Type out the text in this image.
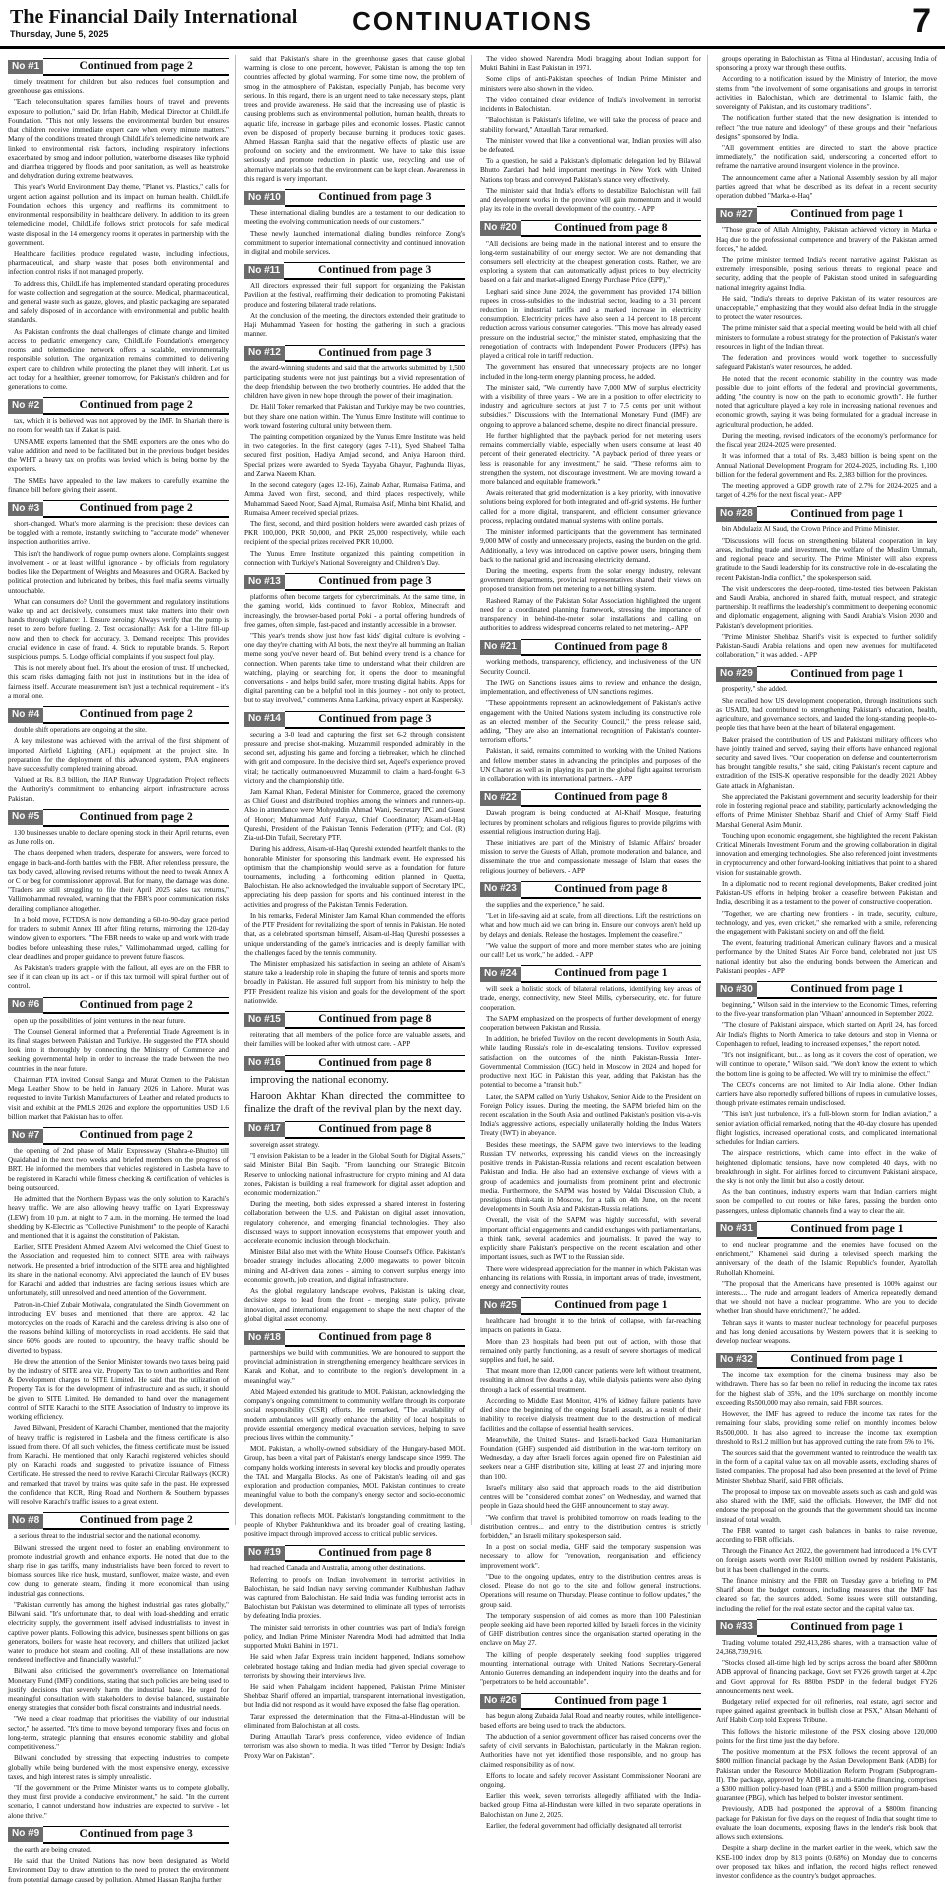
The Financial Daily International
Thursday, June 5, 2025	CONTINUATIONS	7
No #1	Continued from page 2

timely treatment for children but also reduces fuel consumption and greenhouse gas emissions.

"Each teleconsultation spares families hours of travel and prevents exposure to pollution," said Dr. Irfan Habib, Medical Director at ChildLife Foundation. "This not only lessens the environmental burden but ensures that children receive immediate expert care when every minute matters." Many of the conditions treated through ChildLife's telemedicine network are linked to environmental risk factors, including respiratory infections exacerbated by smog and indoor pollution, waterborne diseases like typhoid and diarrhea triggered by floods and poor sanitation, as well as heatstroke and dehydration during extreme heatwaves.

This year's World Environment Day theme, "Planet vs. Plastics," calls for urgent action against pollution and its impact on human health. ChildLife Foundation echoes this urgency and reaffirms its commitment to environmental responsibility in healthcare delivery. In addition to its green telemedicine model, ChildLife follows strict protocols for safe medical waste disposal in the 14 emergency rooms it operates in partnership with the government.

Healthcare facilities produce regulated waste, including infectious, pharmaceutical, and sharp waste that poses both environmental and infection control risks if not managed properly.

To address this, ChildLife has implemented standard operating procedures for waste collection and segregation at the source. Medical, pharmaceutical, and general waste such as gauze, gloves, and plastic packaging are separated and safely disposed of in accordance with environmental and public health standards.

As Pakistan confronts the dual challenges of climate change and limited access to pediatric emergency care, ChildLife Foundation's emergency rooms and telemedicine network offers a scalable, environmentally responsible solution. The organization remains committed to delivering expert care to children while protecting the planet they will inherit. Let us act today for a healthier, greener tomorrow, for Pakistan's children and for generations to come.

No #2	Continued from page 2

tax, which it is believed was not approved by the IMF. In Shariah there is no room for wealth tax if Zakat is paid.

UNSAME experts lamented that the SME exporters are the ones who do value addition and need to be facilitated but in the previous budget besides the WHT a heavy tax on profits was levied which is being borne by the exporters.

The SMEs have appealed to the law makers to carefully examine the finance bill before giving their assent.

No #3	Continued from page 2

short-changed. What's more alarming is the precision: these devices can be toggled with a remote, instantly switching to "accurate mode" whenever inspection authorities arrive.

This isn't the handiwork of rogue pump owners alone. Complaints suggest involvement - or at least willful ignorance - by officials from regulatory bodies like the Department of Weights and Measures and OGRA. Backed by political protection and lubricated by bribes, this fuel mafia seems virtually untouchable.

What can consumers do? Until the government and regulatory institutions wake up and act decisively, consumers must take matters into their own hands through vigilance: 1. Ensure zeroing: Always verify that the pump is reset to zero before fueling. 2. Test occasionally: Ask for a 1-litre fill-up now and then to check for accuracy. 3. Demand receipts: This provides crucial evidence in case of fraud. 4. Stick to reputable brands. 5. Report suspicious pumps. 5. Lodge official complaints if you suspect foul play.

This is not merely about fuel. It's about the erosion of trust. If unchecked, this scam risks damaging faith not just in institutions but in the idea of fairness itself. Accurate measurement isn't just a technical requirement - it's a moral one.

No #4	Continued from page 2

double shift operations are ongoing at the site.

A key milestone was achieved with the arrival of the first shipment of imported Airfield Lighting (AFL) equipment at the project site. In preparation for the deployment of this advanced system, PAA engineers have successfully completed training abroad.

Valued at Rs. 8.3 billion, the JIAP Runway Upgradation Project reflects the Authority's commitment to enhancing airport infrastructure across Pakistan.

No #5	Continued from page 2

130 businesses unable to declare opening stock in their April returns, even as June rolls on.

The chaos deepened when traders, desperate for answers, were forced to engage in back-and-forth battles with the FBR. After relentless pressure, the tax body caved, allowing revised returns without the need to tweak Annex A or C or beg for commissioner approval. But for many, the damage was done. "Traders are still struggling to file their April 2025 sales tax returns," Vallimohammad revealed, warning that the FBR's poor communication risks derailing compliance altogether.

In a bold move, FCTDSA is now demanding a 60-to-90-day grace period for traders to submit Annex III after filing returns, mirroring the 120-day window given to exporters. "The FBR needs to wake up and work with trade bodies before unleashing these rules," Vallimohammad urged, calling for clear deadlines and proper guidance to prevent future fiascos.

As Pakistan's traders grapple with the fallout, all eyes are on the FBR to see if it can clean up its act - or if this tax turmoil will spiral further out of control.

No #6	Continued from page 2

open up the possibilities of joint ventures in the near future.

The Counsel General informed that a Preferential Trade Agreement is in its final stages between Pakistan and Turkiye. He suggested the PTA should look into it thoroughly by connecting the Ministry of Commerce and seeking governmental help in order to increase the trade between the two countries in the near future.

Chairman PTA invited Consul Sanga and Murat Ozmen to the Pakistan Mega Leather Show to be held in January 2026 in Lahore. Murat was requested to invite Turkish Manufacturers of Leather and related products to visit and exhibit at the PMLS 2026 and explore the opportunities USD 1.6 billion market that Pakistan has to offer.

No #7	Continued from page 2

the opening of 2nd phase of Malir Expressway (Shahra-e-Bhutto) till Quaidabad in the next two weeks and briefed members on the progress of BRT. He informed the members that vehicles registered in Lasbela have to be registered in Karachi while fitness checking & certification of vehicles is being outsourced.

He admitted that the Northern Bypass was the only solution to Karachi's heavy traffic. We are also allowing heavy traffic on Lyari Expressway (LEW) from 10 p.m. at night to 7 a.m. in the morning. He termed the load shedding by K-Electric as "Collective Punishment" to the people of Karachi and mentioned that it is against the constitution of Pakistan.

Earlier, SITE President Ahmed Azeem Alvi welcomed the Chief Guest to the Association and requested him to connect SITE area with railways network. He presented a brief introduction of the SITE area and highlighted its share in the national economy. Alvi appreciated the launch of EV buses for Karachi and added that industries are facing serious issues which are unfortunately, still unresolved and need attention of the Government.

Patron-in-Chief Zubair Motiwala, congratulated the Sindh Government on introducing EV buses and mentioned that there are approx. 42 lac motorcycles on the roads of Karachi and the careless driving is also one of the reasons behind killing of motorcyclists in road accidents. He said that since 60% goods are routed to upcountry, the heavy traffic should be diverted to bypass.

He drew the attention of the Senior Minister towards two taxes being paid by the industry of SITE area viz. Property Tax to town authorities and Rent & Development charges to SITE Limited. He said that the utilization of Property Tax is for the development of infrastructure and as such, it should be given to SITE Limited. He demanded to hand over the management control of SITE Karachi to the SITE Association of Industry to improve its working efficiency.

Javed Bilwani, President of Karachi Chamber, mentioned that the majority of heavy traffic is registered in Lasbela and the fitness certificate is also issued from there. Of all such vehicles, the fitness certificate must be issued from Karachi. He mentioned that only Karachi registered vehicles should ply on Karachi roads and suggested to privatize issuance of Fitness Certificate. He stressed the need to revive Karachi Circular Railways (KCR) and remarked that travel by trains was quite safe in the past. He expressed the confidence that KCR, Ring Road and Northern & Southern bypasses will resolve Karachi's traffic issues to a great extent.

No #8	Continued from page 2

a serious threat to the industrial sector and the national economy.

Bilwani stressed the urgent need to foster an enabling environment to promote industrial growth and enhance exports. He noted that due to the sharp rise in gas tariffs, many industrialists have been forced to revert to biomass sources like rice husk, mustard, sunflower, maize waste, and even cow dung to generate steam, finding it more economical than using industrial gas connections.

"Pakistan currently has among the highest industrial gas rates globally," Bilwani said. "It's unfortunate that, to deal with load-shedding and erratic electricity supply, the government itself advised industrialists to invest in captive power plants. Following this advice, businesses spent billions on gas generators, boilers for waste heat recovery, and chillers that utilized jacket water to produce hot steam and cooling. All of these installations are now rendered ineffective and financially wasteful."

Bilwani also criticised the government's overreliance on International Monetary Fund (IMF) conditions, stating that such policies are being used to justify decisions that severely harm the industrial base. He urged for meaningful consultation with stakeholders to devise balanced, sustainable energy strategies that consider both fiscal constraints and industrial needs.

"We need a clear roadmap that prioritises the viability of our industrial sector," he asserted. "It's time to move beyond temporary fixes and focus on long-term, strategic planning that ensures economic stability and global competitiveness."

Bilwani concluded by stressing that expecting industries to compete globally while being burdened with the most expensive energy, excessive taxes, and high interest rates is simply unrealistic.

"If the government or the Prime Minister wants us to compete globally, they must first provide a conducive environment," he said. "In the current scenario, I cannot understand how industries are expected to survive - let alone thrive."

No #9	Continued from page 3

the earth are being created.

He said that the United Nations has now been designated as World Environment Day to draw attention to the need to protect the environment from potential damage caused by pollution. Ahmed Hassan Ranjha further

said that Pakistan's share in the greenhouse gases that cause global warming is close to one percent, however, Pakistan is among the top ten countries affected by global warming. For some time now, the problem of smog in the atmosphere of Pakistan, especially Punjab, has become very serious. In this regard, there is an urgent need to take necessary steps, plant trees and provide awareness. He said that the increasing use of plastic is causing problems such as environmental pollution, human health, threats to aquatic life, increase in garbage piles and economic losses. Plastic cannot even be disposed of properly because burning it produces toxic gases. Ahmed Hassan Ranjha said that the negative effects of plastic use are profound on society and the environment. We have to take this issue seriously and promote reduction in plastic use, recycling and use of alternative materials so that the environment can be kept clean. Awareness in this regard is very important.

No #10	Continued from page 3

These international dialing bundles are a testament to our dedication to meeting the evolving communication needs of our customers."

These newly launched international dialing bundles reinforce Zong's commitment to superior international connectivity and continued innovation in digital and mobile services.

No #11	Continued from page 3

All directors expressed their full support for organizing the Pakistan Pavilion at the festival, reaffirming their dedication to promoting Pakistani produce and fostering bilateral trade relations.

At the conclusion of the meeting, the directors extended their gratitude to Haji Muhammad Yaseen for hosting the gathering in such a gracious manner.

No #12	Continued from page 3

the award-winning students and said that the artworks submitted by 1,500 participating students were not just paintings but a vivid representation of the deep friendship between the two brotherly countries. He added that the children have given in new hope through the power of their imagination.

Dr. Halil Toker remarked that Pakistan and Turkiye may be two countries, but they share one nation within. The Yunus Emre Institute will continue to work toward fostering cultural unity between them.

The painting competition organized by the Yunus Emre Institute was held in two categories. In the first category (ages 7-11), Syed Shaheel Talha secured first position, Hadiya Amjad second, and Aniya Haroon third. Special prizes were awarded to Syeda Tayyaba Ghayur, Paghunda Iliyas, and Zarwa Naeem Khan.

In the second category (ages 12-16), Zainab Azhar, Rumaisa Fatima, and Amma Javed won first, second, and third places respectively, while Muhammad Saeed Noor, Saad Ajmal, Rumaisa Asif, Minha bint Khalid, and Rumaisa Ameer received special prizes.

The first, second, and third position holders were awarded cash prizes of PKR 100,000, PKR 50,000, and PKR 25,000 respectively, while each recipient of the special prizes received PKR 10,000.

The Yunus Emre Institute organized this painting competition in connection with Turkiye's National Sovereignty and Children's Day.

No #13	Continued from page 3

platforms often become targets for cybercriminals. At the same time, in the gaming world, kids continued to favor Roblox, Minecraft and increasingly, the browser-based portal Poki - a portal offering hundreds of free games, often simple, fast-paced and instantly accessible in a browser.

"This year's trends show just how fast kids' digital culture is evolving - one day they're chatting with AI bots, the next they're all humming an Italian meme song you've never heard of. But behind every trend is a chance for connection. When parents take time to understand what their children are watching, playing or searching for, it opens the door to meaningful conversations - and helps build safer, more trusting digital habits. Apps for digital parenting can be a helpful tool in this journey - not only to protect, but to stay involved," comments Anna Larkina, privacy expert at Kaspersky.

No #14	Continued from page 3

securing a 3-0 lead and capturing the first set 6-2 through consistent pressure and precise shot-making. Muzammil responded admirably in the second set, adjusting his game and forcing a tiebreaker, which he clinched with grit and composure. In the decisive third set, Aqeel's experience proved vital; he tactically outmanoeuvred Muzammil to claim a hard-fought 6-3 victory and the championship title.

Jam Kamal Khan, Federal Minister for Commerce, graced the ceremony as Chief Guest and distributed trophies among the winners and runners-up. Also in attendance were Mohyuddin Ahmad Wani, Secretary IPC and Guest of Honor; Muhammad Arif Faryaz, Chief Coordinator; Aisam-ul-Haq Qureshi, President of the Pakistan Tennis Federation (PTF); and Col. (R) Zia-ud-Din Tufail, Secretary PTF.

During his address, Aisam-ul-Haq Qureshi extended heartfelt thanks to the honorable Minister for sponsoring this landmark event. He expressed his optimism that the championship would serve as a foundation for future tournaments, including a forthcoming edition planned in Quetta, Balochistan. He also acknowledged the invaluable support of Secretary IPC, appreciating his deep passion for sports and his continued interest in the activities and progress of the Pakistan Tennis Federation.

In his remarks, Federal Minister Jam Kamal Khan commended the efforts of the PTF President for revitalizing the sport of tennis in Pakistan. He noted that, as a celebrated sportsman himself, Aisam-ul-Haq Qureshi possesses a unique understanding of the game's intricacies and is deeply familiar with the challenges faced by the tennis community.

The Minister emphasized his satisfaction in seeing an athlete of Aisam's stature take a leadership role in shaping the future of tennis and sports more broadly in Pakistan. He assured full support from his ministry to help the PTF President realize his vision and goals for the development of the sport nationwide.

No #15	Continued from page 8

reiterating that all members of the police force are valuable assets, and their families will be looked after with utmost care. - APP

No #16	Continued from page 8

improving the national economy.

Haroon Akhtar Khan directed the committee to finalize the draft of the revival plan by the next day.

No #17	Continued from page 8

sovereign asset strategy.

"I envision Pakistan to be a leader in the Global South for Digital Assets," said Minister Bilal Bin Saqib. "From launching our Strategic Bitcoin Reserve to unlocking national infrastructure for crypto mining and AI data zones, Pakistan is building a real framework for digital asset adoption and economic modernization."

During the meeting, both sides expressed a shared interest in fostering collaboration between the U.S. and Pakistan on digital asset innovation, regulatory coherence, and emerging financial technologies. They also discussed ways to support innovation ecosystems that empower youth and accelerate economic inclusion through blockchain.

Minister Bilal also met with the White House Counsel's Office. Pakistan's broader strategy includes allocating 2,000 megawatts to power bitcoin mining and AI-driven data zones - aiming to convert surplus energy into economic growth, job creation, and digital infrastructure.

As the global regulatory landscape evolves, Pakistan is taking clear, decisive steps to lead from the front - merging state policy, private innovation, and international engagement to shape the next chapter of the global digital asset economy.

No #18	Continued from page 8

partnerships we build with communities. We are honoured to support the provincial administration in strengthening emergency healthcare services in Karak and Kohat, and to contribute to the region's development in a meaningful way."

Abid Majeed extended his gratitude to MOL Pakistan, acknowledging the company's ongoing commitment to community welfare through its corporate social responsibility (CSR) efforts. He remarked, "The availability of modern ambulances will greatly enhance the ability of local hospitals to provide essential emergency medical evacuation services, helping to save precious lives within the community."

MOL Pakistan, a wholly-owned subsidiary of the Hungary-based MOL Group, has been a vital part of Pakistan's energy landscape since 1999. The company holds working interests in several key blocks and proudly operates the TAL and Margalla Blocks. As one of Pakistan's leading oil and gas exploration and production companies, MOL Pakistan continues to create meaningful value to both the company's energy sector and socio-economic development.

This donation reflects MOL Pakistan's longstanding commitment to the people of Khyber Pakhtunkhwa and its broader goal of creating lasting, positive impact through improved access to critical public services.

No #19	Continued from page 8

had reached Canada and Australia, among other destinations.

Referring to proofs on Indian involvement in terrorist activities in Balochistan, he said Indian navy serving commander Kulbhushan Jadhav was captured from Balochistan. He said India was funding terrorist acts in Balochistan but Pakistan was determined to eliminate all types of terrorists by defeating India proxies.

The minister said terrorists in other countries was part of India's foreign policy, and Indian Prime Minister Narendra Modi had admitted that India supported Mukti Bahini in 1971.

He said when Jafar Express train incident happened, Indians somehow celebrated hostage taking and Indian media had given special coverage to terrorists by showing their interviews live.

He said when Pahalgam incident happened, Pakistan Prime Minister Shehbaz Sharif offered an impartial, transparent international investigation, but India did not respond as it would have exposed the false flag operation.

Tarar expressed the determination that the Fitna-al-Hindustan will be eliminated from Balochistan at all costs.

During Attaullah Tarar's press conference, video evidence of Indian terrorism was also shown to media. It was titled "Terror by Design: India's Proxy War on Pakistan".

The video showed Narendra Modi bragging about Indian support for Mukti Bahini in East Pakistan in 1971.

Some clips of anti-Pakistan speeches of Indian Prime Minister and ministers were also shown in the video.

The video contained clear evidence of India's involvement in terrorist incidents in Balochistan.

"Balochistan is Pakistan's lifeline, we will take the process of peace and stability forward," Attaullah Tarar remarked.

The minister vowed that like a conventional war, Indian proxies will also be defeated.

To a question, he said a Pakistan's diplomatic delegation led by Bilawal Bhutto Zardari had held important meetings in New York with United Nations top brass and conveyed Pakistan's stance very effectively.

The minister said that India's efforts to destabilize Balochistan will fail and development works in the province will gain momentum and it would play its role in the overall development of the country. - APP

No #20	Continued from page 8

"All decisions are being made in the national interest and to ensure the long-term sustainability of our energy sector. We are not demanding that consumers sell electricity at the cheapest generation costs. Rather, we are exploring a system that can automatically adjust prices to buy electricity based on a fair and market-aligned Energy Purchase Price (EPP),"

Leghari said since June 2024, the government has provided 174 billion rupees in cross-subsidies to the industrial sector, leading to a 31 percent reduction in industrial tariffs and a marked increase in electricity consumption. Electricity prices have also seen a 14 percent to 18 percent reduction across various consumer categories. "This move has already eased pressure on the industrial sector," the minister stated, emphasizing that the renegotiation of contracts with Independent Power Producers (IPPs) has played a critical role in tariff reduction.

The government has ensured that unnecessary projects are no longer included in the long-term energy planning process, he added.

The minister said, "We currently have 7,000 MW of surplus electricity with a visibility of three years - We are in a position to offer electricity to industry and agriculture sectors at just 7 to 7.5 cents per unit without subsidies." Discussions with the International Monetary Fund (IMF) are ongoing to approve a balanced scheme, despite no direct financial pressure.

He further highlighted that the payback period for net metering users remains commercially viable, especially when users consume at least 40 percent of their generated electricity. "A payback period of three years or less is reasonable for any investment," he said. "These reforms aim to strengthen the system, not discourage investment. We are moving toward a more balanced and equitable framework."

Awais reiterated that grid modernization is a key priority, with innovative solutions being explored for both integrated and off-grid systems. He further called for a more digital, transparent, and efficient consumer grievance process, replacing outdated manual systems with online portals.

The minister informed participants that the government has terminated 9,000 MW of costly and unnecessary projects, easing the burden on the grid. Additionally, a levy was introduced on captive power users, bringing them back to the national grid and increasing electricity demand.

During the meeting, experts from the solar energy industry, relevant government departments, provincial representatives shared their views on proposed transition from net metering to a net billing system.

Rasheed Ramay of the Pakistan Solar Association highlighted the urgent need for a coordinated planning framework, stressing the importance of transparency in behind-the-meter solar installations and calling on authorities to address widespread concerns related to net metering.- APP

No #21	Continued from page 8

working methods, transparency, efficiency, and inclusiveness of the UN Security Council.

The IWG on Sanctions issues aims to review and enhance the design, implementation, and effectiveness of UN sanctions regimes.

"These appointments represent an acknowledgement of Pakistan's active engagement with the United Nations system including its constructive role as an elected member of the Security Council," the press release said, adding, "They are also an international recognition of Pakistan's counter-terrorism efforts."

Pakistan, it said, remains committed to working with the United Nations and fellow member states in advancing the principles and purposes of the UN Charter as well as in playing its part in the global fight against terrorism in collaboration with its international partners. - APP

No #22	Continued from page 8

Dawah program is being conducted at Al-Khaif Mosque, featuring lectures by prominent scholars and religious figures to provide pilgrims with essential religious instruction during Hajj.

These initiatives are part of the Ministry of Islamic Affairs' broader mission to serve the Guests of Allah, promote moderation and balance, and disseminate the true and compassionate message of Islam that eases the religious journey of believers. - APP

No #23	Continued from page 8

the supplies and the experience," he said.

"Let in life-saving aid at scale, from all directions. Lift the restrictions on what and how much aid we can bring in. Ensure our convoys aren't held up by delays and denials. Release the hostages. Implement the ceasefire."

"We value the support of more and more member states who are joining our call! Let us work," he added. - APP

No #24	Continued from page 1

will seek a holistic stock of bilateral relations, identifying key areas of trade, energy, connectivity, new Steel Mills, cybersecurity, etc. for future cooperation.

The SAPM emphasized on the prospects of further development of energy cooperation between Pakistan and Russia.

In addition, he briefed Tuvilov on the recent developments in South Asia, while lauding Russia's role in de-escalating tensions. Tuvilov expressed satisfaction on the outcomes of the ninth Pakistan-Russia Inter-Governmental Commission (IGC) held in Moscow in 2024 and hoped for productive next IGC in Pakistan this year, adding that Pakistan has the potential to become a "transit hub."

Later, the SAPM called on Yuriy Ushakov, Senior Aide to the President on Foreign Policy issues. During the meeting, the SAPM briefed him on the recent escalation in the South Asia and outlined Pakistan's position vis-a-vis India's aggressive actions, especially unilaterally holding the Indus Waters Treaty (IWT) in abeyance.

Besides these meetings, the SAPM gave two interviews to the leading Russian TV networks, expressing his candid views on the increasingly positive trends in Pakistan-Russia relations and recent escalation between Pakistan and India. He also had an extensive exchange of views with a group of academics and journalists from prominent print and electronic media. Furthermore, the SAPM was hosted by Valdai Discussion Club, a prestigious think-tank in Moscow, for a talk on 4th June, on the recent developments in South Asia and Pakistan-Russia relations.

Overall, the visit of the SAPM was highly successful, with several important official engagements and candid exchanges with parliamentarians, a think tank, several academics and journalists. It paved the way to explicitly share Pakistan's perspective on the recent escalation and other important issues, such as IWT to the Russian side.

There were widespread appreciation for the manner in which Pakistan was enhancing its relations with Russia, in important areas of trade, investment, energy and connectivity routes

No #25	Continued from page 1

healthcare had brought it to the brink of collapse, with far-reaching impacts on patients in Gaza.

More than 23 hospitals had been put out of action, with those that remained only partly functioning, as a result of severe shortages of medical supplies and fuel, he said.

That meant more than 12,000 cancer patients were left without treatment, resulting in almost five deaths a day, while dialysis patients were also dying through a lack of essential treatment.

According to Middle East Monitor, 41% of kidney failure patients have died since the beginning of the ongoing Israeli assault, as a result of their inability to receive dialysis treatment due to the destruction of medical facilities and the collapse of essential health services.

Meanwhile, the United States- and Israeli-backed Gaza Humanitarian Foundation (GHF) suspended aid distribution in the war-torn territory on Wednesday, a day after Israeli forces again opened fire on Palestinian aid seekers near a GHF distribution site, killing at least 27 and injuring more than 100.

Israel's military also said that approach roads to the aid distribution centres will be "considered combat zones" on Wednesday, and warned that people in Gaza should heed the GHF announcement to stay away.

"We confirm that travel is prohibited tomorrow on roads leading to the distribution centres... and entry to the distribution centres is strictly forbidden," an Israeli military spokesperson said.

In a post on social media, GHF said the temporary suspension was necessary to allow for "renovation, reorganisation and efficiency improvement work".

"Due to the ongoing updates, entry to the distribution centres areas is closed. Please do not go to the site and follow general instructions. Operations will resume on Thursday. Please continue to follow updates," the group said.

The temporary suspension of aid comes as more than 100 Palestinian people seeking aid have been reported killed by Israeli forces in the vicinity of GHF distribution centres since the organisation started operating in the enclave on May 27.

The killing of people desperately seeking food supplies triggered mounting international outrage with United Nations Secretary-General Antonio Guterres demanding an independent inquiry into the deaths and for "perpetrators to be held accountable".

No #26	Continued from page 1

has begun along Zubaida Jalal Road and nearby routes, while intelligence-based efforts are being used to track the abductors.

The abduction of a senior government officer has raised concerns over the safety of civil servants in Balochistan, particularly in the Makran region. Authorities have not yet identified those responsible, and no group has claimed responsibility as of now.

Efforts to locate and safely recover Assistant Commissioner Noorani are ongoing.

Earlier this week, seven terrorists allegedly affiliated with the India-backed group Fitna al-Hindustan were killed in two separate operations in Balochistan on June 2, 2025.

Earlier, the federal government had officially designated all terrorist

groups operating in Balochistan as 'Fitna al Hindustan', accusing India of sponsoring a proxy war through these outfits.

According to a notification issued by the Ministry of Interior, the move stems from "the involvement of some organisations and groups in terrorist activities in Balochistan, which are detrimental to Islamic faith, the sovereignty of Pakistan, and its customary traditions".

The notification further stated that the new designation is intended to reflect "the true nature and ideology" of these groups and their "nefarious designs" sponsored by India.

"All government entities are directed to start the above practice immediately," the notification said, underscoring a concerted effort to reframe the narrative around insurgent violence in the province.

The announcement came after a National Assembly session by all major parties agreed that what he described as its defeat in a recent security operation dubbed "Marka-e-Haq"

No #27	Continued from page 1

"Those grace of Allah Almighty, Pakistan achieved victory in Marka e Haq due to the professional competence and bravery of the Pakistan armed forces," he added.

The prime minister termed India's recent narrative against Pakistan as extremely irresponsible, posing serious threats to regional peace and security, adding that the people of Pakistan stood united in safeguarding national integrity against India.

He said, "India's threats to deprive Pakistan of its water resources are unacceptable," emphasizing that they would also defeat India in the struggle to protect the water resources.

The prime minister said that a special meeting would be held with all chief ministers to formulate a robust strategy for the protection of Pakistan's water resources in light of the Indian threat.

The federation and provinces would work together to successfully safeguard Pakistan's water resources, he added.

He noted that the recent economic stability in the country was made possible due to joint efforts of the federal and provincial governments, adding "the country is now on the path to economic growth". He further noted that agriculture played a key role in increasing national revenues and economic growth, saying it was being formulated for a gradual increase in agricultural production, he added.

During the meeting, revised indicators of the economy's performance for the fiscal year 2024-2025 were presented.

It was informed that a total of Rs. 3,483 billion is being spent on the Annual National Development Program for 2024-2025, including Rs. 1,100 billion for the federal government and Rs. 2,383 billion for the provinces.

The meeting approved a GDP growth rate of 2.7% for 2024-2025 and a target of 4.2% for the next fiscal year.- APP

No #28	Continued from page 1

bin Abdulaziz Al Saud, the Crown Prince and Prime Minister.

"Discussions will focus on strengthening bilateral cooperation in key areas, including trade and investment, the welfare of the Muslim Ummah, and regional peace and security. The Prime Minister will also express gratitude to the Saudi leadership for its constructive role in de-escalating the recent Pakistan-India conflict," the spokesperson said.

The visit underscores the deep-rooted, time-tested ties between Pakistan and Saudi Arabia, anchored in shared faith, mutual respect, and strategic partnership. It reaffirms the leadership's commitment to deepening economic and diplomatic engagement, aligning with Saudi Arabia's Vision 2030 and Pakistan's development priorities.

"Prime Minister Shehbaz Sharif's visit is expected to further solidify Pakistan-Saudi Arabia relations and open new avenues for multifaceted collaboration," it was added. - APP

No #29	Continued from page 1

prosperity," she added.

She recalled how US development cooperation, through institutions such as USAID, had contributed to strengthening Pakistan's education, health, agriculture, and governance sectors, and lauded the long-standing people-to-people ties that have been at the heart of bilateral engagement.

Baker praised the contribution of US and Pakistani military officers who have jointly trained and served, saying their efforts have enhanced regional security and saved lives. "Our cooperation on defense and counterterrorism has brought tangible results," she said, citing Pakistan's recent capture and extradition of the ISIS-K operative responsible for the deadly 2021 Abbey Gate attack in Afghanistan.

She appreciated the Pakistani government and security leadership for their role in fostering regional peace and stability, particularly acknowledging the efforts of Prime Minister Shehbaz Sharif and Chief of Army Staff Field Marshal General Asim Munir.

Touching upon economic engagement, she highlighted the recent Pakistan Critical Minerals Investment Forum and the growing collaboration in digital innovation and emerging technologies. She also referenced joint investments in cryptocurrency and other forward-looking initiatives that point to a shared vision for sustainable growth.

In a diplomatic nod to recent regional developments, Baker credited joint Pakistan-US efforts in helping broker a ceasefire between Pakistan and India, describing it as a testament to the power of constructive cooperation.

"Together, we are charting new frontiers - in trade, security, culture, technology, and yes, even cricket," she remarked with a smile, referencing the engagement with Pakistani society on and off the field.

The event, featuring traditional American culinary flavors and a musical performance by the United States Air Force band, celebrated not just US national identity but also the enduring bonds between the American and Pakistani peoples - APP

No #30	Continued from page 1

beginning," Wilson said in the interview to the Economic Times, referring to the five-year transformation plan 'Vihaan' announced in September 2022.

"The closure of Pakistani airspace, which started on April 24, has forced Air India's flights to North America to take detours and stop in Vienna or Copenhagen to refuel, leading to increased expenses," the report noted.

"It's not insignificant, but... as long as it covers the cost of operation, we will continue to operate," Wilson said. "We don't know the extent to which the bottom line is going to be affected. We will try to minimise the effect."

The CEO's concerns are not limited to Air India alone. Other Indian carriers have also reportedly suffered billions of rupees in cumulative losses, though private estimates remain undisclosed.

"This isn't just turbulence, it's a full-blown storm for Indian aviation," a senior aviation official remarked, noting that the 40-day closure has upended flight logistics, increased operational costs, and complicated international schedules for Indian carriers.

The airspace restrictions, which came into effect in the wake of heightened diplomatic tensions, have now completed 40 days, with no breakthrough in sight. For airlines forced to circumvent Pakistani airspace, the sky is not only the limit but also a costly detour.

As the ban continues, industry experts warn that Indian carriers might soon be compelled to cut routes or hike fares, passing the burden onto passengers, unless diplomatic channels find a way to clear the air.

No #31	Continued from page 1

to end nuclear programme and the enemies have focused on the enrichment," Khamenei said during a televised speech marking the anniversary of the death of the Islamic Republic's founder, Ayatollah Ruhollah Khomeini.

"The proposal that the Americans have presented is 100% against our interests.... The rude and arrogant leaders of America repeatedly demand that we should not have a nuclear programme. Who are you to decide whether Iran should have enrichment?," he added.

Tehran says it wants to master nuclear technology for peaceful purposes and has long denied accusations by Western powers that it is seeking to develop nuclear weapons.

No #32	Continued from page 1

The income tax exemption for the cinema business may also be withdrawn. There has so far been no relief in reducing the income tax rates for the highest slab of 35%, and the 10% surcharge on monthly income exceeding Rs500,000 may also remain, said FBR sources.

However, the IMF has agreed to reduce the income tax rates for the remaining four slabs, providing some relief on monthly incomes below Rs500,000. It has also agreed to increase the income tax exemption threshold to Rs1.2 million but has approved cutting the rate from 5% to 1%.

The sources said that the government wanted to reintroduce the wealth tax in the form of a capital value tax on all movable assets, excluding shares of listed companies. The proposal had also been presented at the level of Prime Minister Shehbaz Sharif, said FBR officials.

The proposal to impose tax on moveable assets such as cash and gold was also shared with the IMF, said the officials. However, the IMF did not endorse the proposal on the grounds that the government should tax income instead of total wealth.

The FBR wanted to target cash balances in banks to raise revenue, according to FBR officials.

Through the Finance Act 2022, the government had introduced a 1% CVT on foreign assets worth over Rs100 million owned by resident Pakistanis, but it has been challenged in the courts.

The finance ministry and the FBR on Tuesday gave a briefing to PM Sharif about the budget contours, including measures that the IMF has cleared so far, the sources added. Some issues were still outstanding, including the relief for the real estate sector and the capital value tax.

No #33	Continued from page 1

Trading volume totaled 292,413,286 shares, with a transaction value of 24,368,739,916.

"Stocks closed all-time high led by scrips across the board after $800mn ADB approval of financing package, Govt set FY26 growth target at 4.2pc and Govt approval for Rs 880bn PSDP in the federal budget FY26 announcements next week.

Budgetary relief expected for oil refineries, real estate, agri sector and rupee gained against greenback in bullish close at PSX," Ahsan Mehanti of Arif Habib Corp told Express Tribune.

This follows the historic milestone of the PSX closing above 120,000 points for the first time just the day before.

The positive momentum at the PSX follows the recent approval of an $800 million financial package by the Asian Development Bank (ADB) for Pakistan under the Resource Mobilization Reform Program (Subprogram-II). The package, approved by ADB as a multi-tranche financing, comprises a $300 million policy-based loan (PBL) and a $500 million program-based guarantee (PBG), which has helped to bolster investor sentiment.

Previously, ADB had postponed the approval of a $800m financing package for Pakistan for five days on the request of India that sought time to evaluate the loan documents, exposing flaws in the lender's risk book that allows such extensions.

Despite a sharp decline in the market earlier in the week, which saw the KSE-100 index drop by 813 points (0.68%) on Monday due to concerns over proposed tax hikes and inflation, the record highs reflect renewed investor confidence as the country's budget approaches.
